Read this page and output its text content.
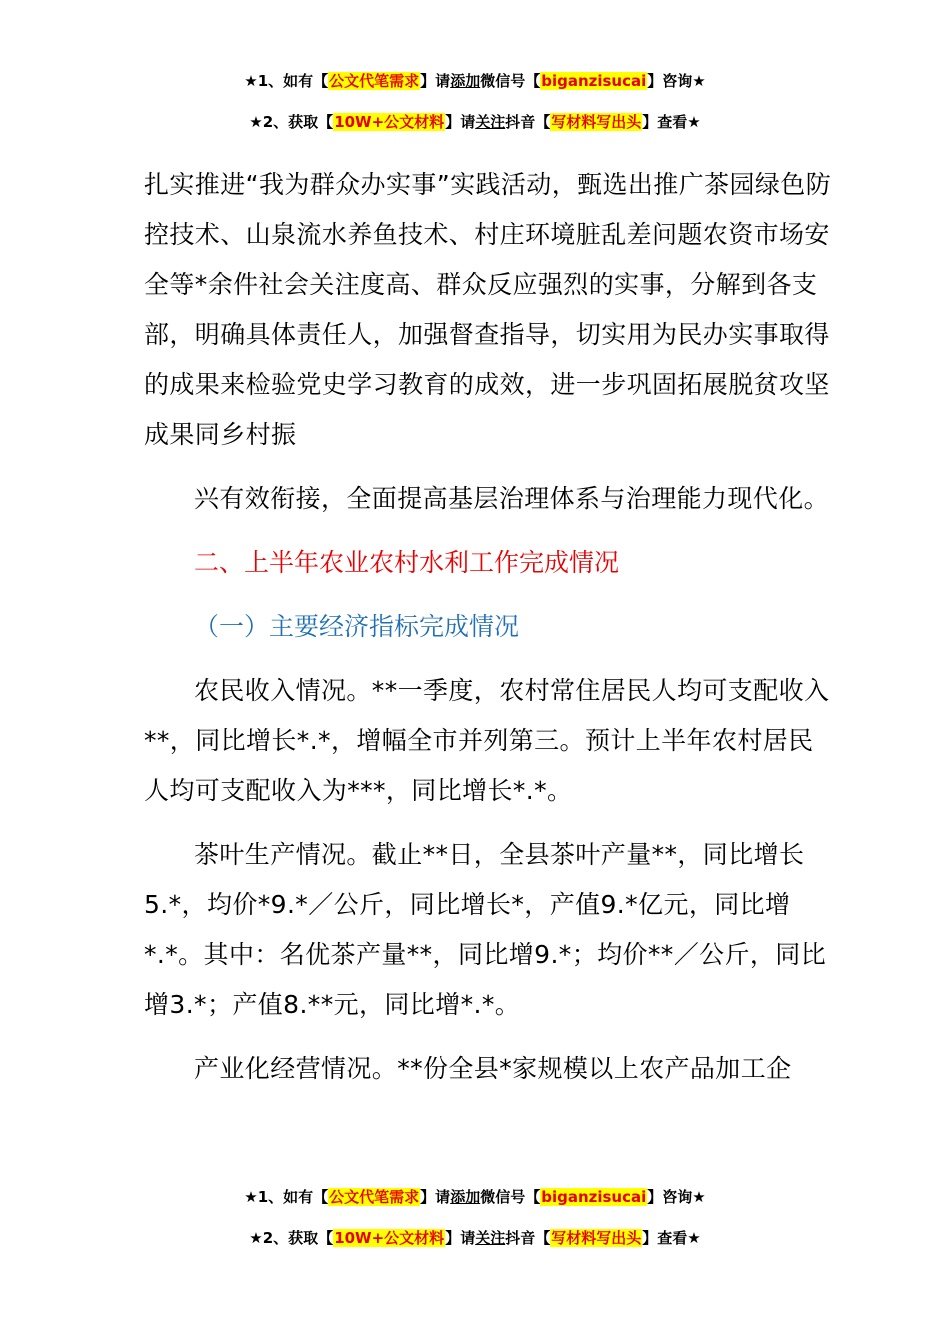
★1、如有【公文代笔需求】请添加微信号【biganzisucai】咨询★
★2、获取【10W+公文材料】请关注抖音【写材料写出头】查看★

扎实推进“我为群众办实事”实践活动，甄选出推广茶园绿色防控技术、山泉流水养鱼技术、村庄环境脏乱差问题农资市场安全等*余件社会关注度高、群众反应强烈的实事，分解到各支部，明确具体责任人，加强督查指导，切实用为民办实事取得的成果来检验党史学习教育的成效，进一步巩固拓展脱贫攻坚成果同乡村振

兴有效衔接，全面提高基层治理体系与治理能力现代化。

二、上半年农业农村水利工作完成情况

（一）主要经济指标完成情况

农民收入情况。**一季度，农村常住居民人均可支配收入**，同比增长*.*，增幅全市并列第三。预计上半年农村居民人均可支配收入为***，同比增长*.*。

茶叶生产情况。截止**日，全县茶叶产量**，同比增长5.*，均价*9.*／公斤，同比增长*，产值9.*亿元，同比增*.*。其中：名优茶产量**，同比增9.*；均价**／公斤，同比增3.*；产值8.**元，同比增*.*。

产业化经营情况。**份全县*家规模以上农产品加工企

★1、如有【公文代笔需求】请添加微信号【biganzisucai】咨询★
★2、获取【10W+公文材料】请关注抖音【写材料写出头】查看★
